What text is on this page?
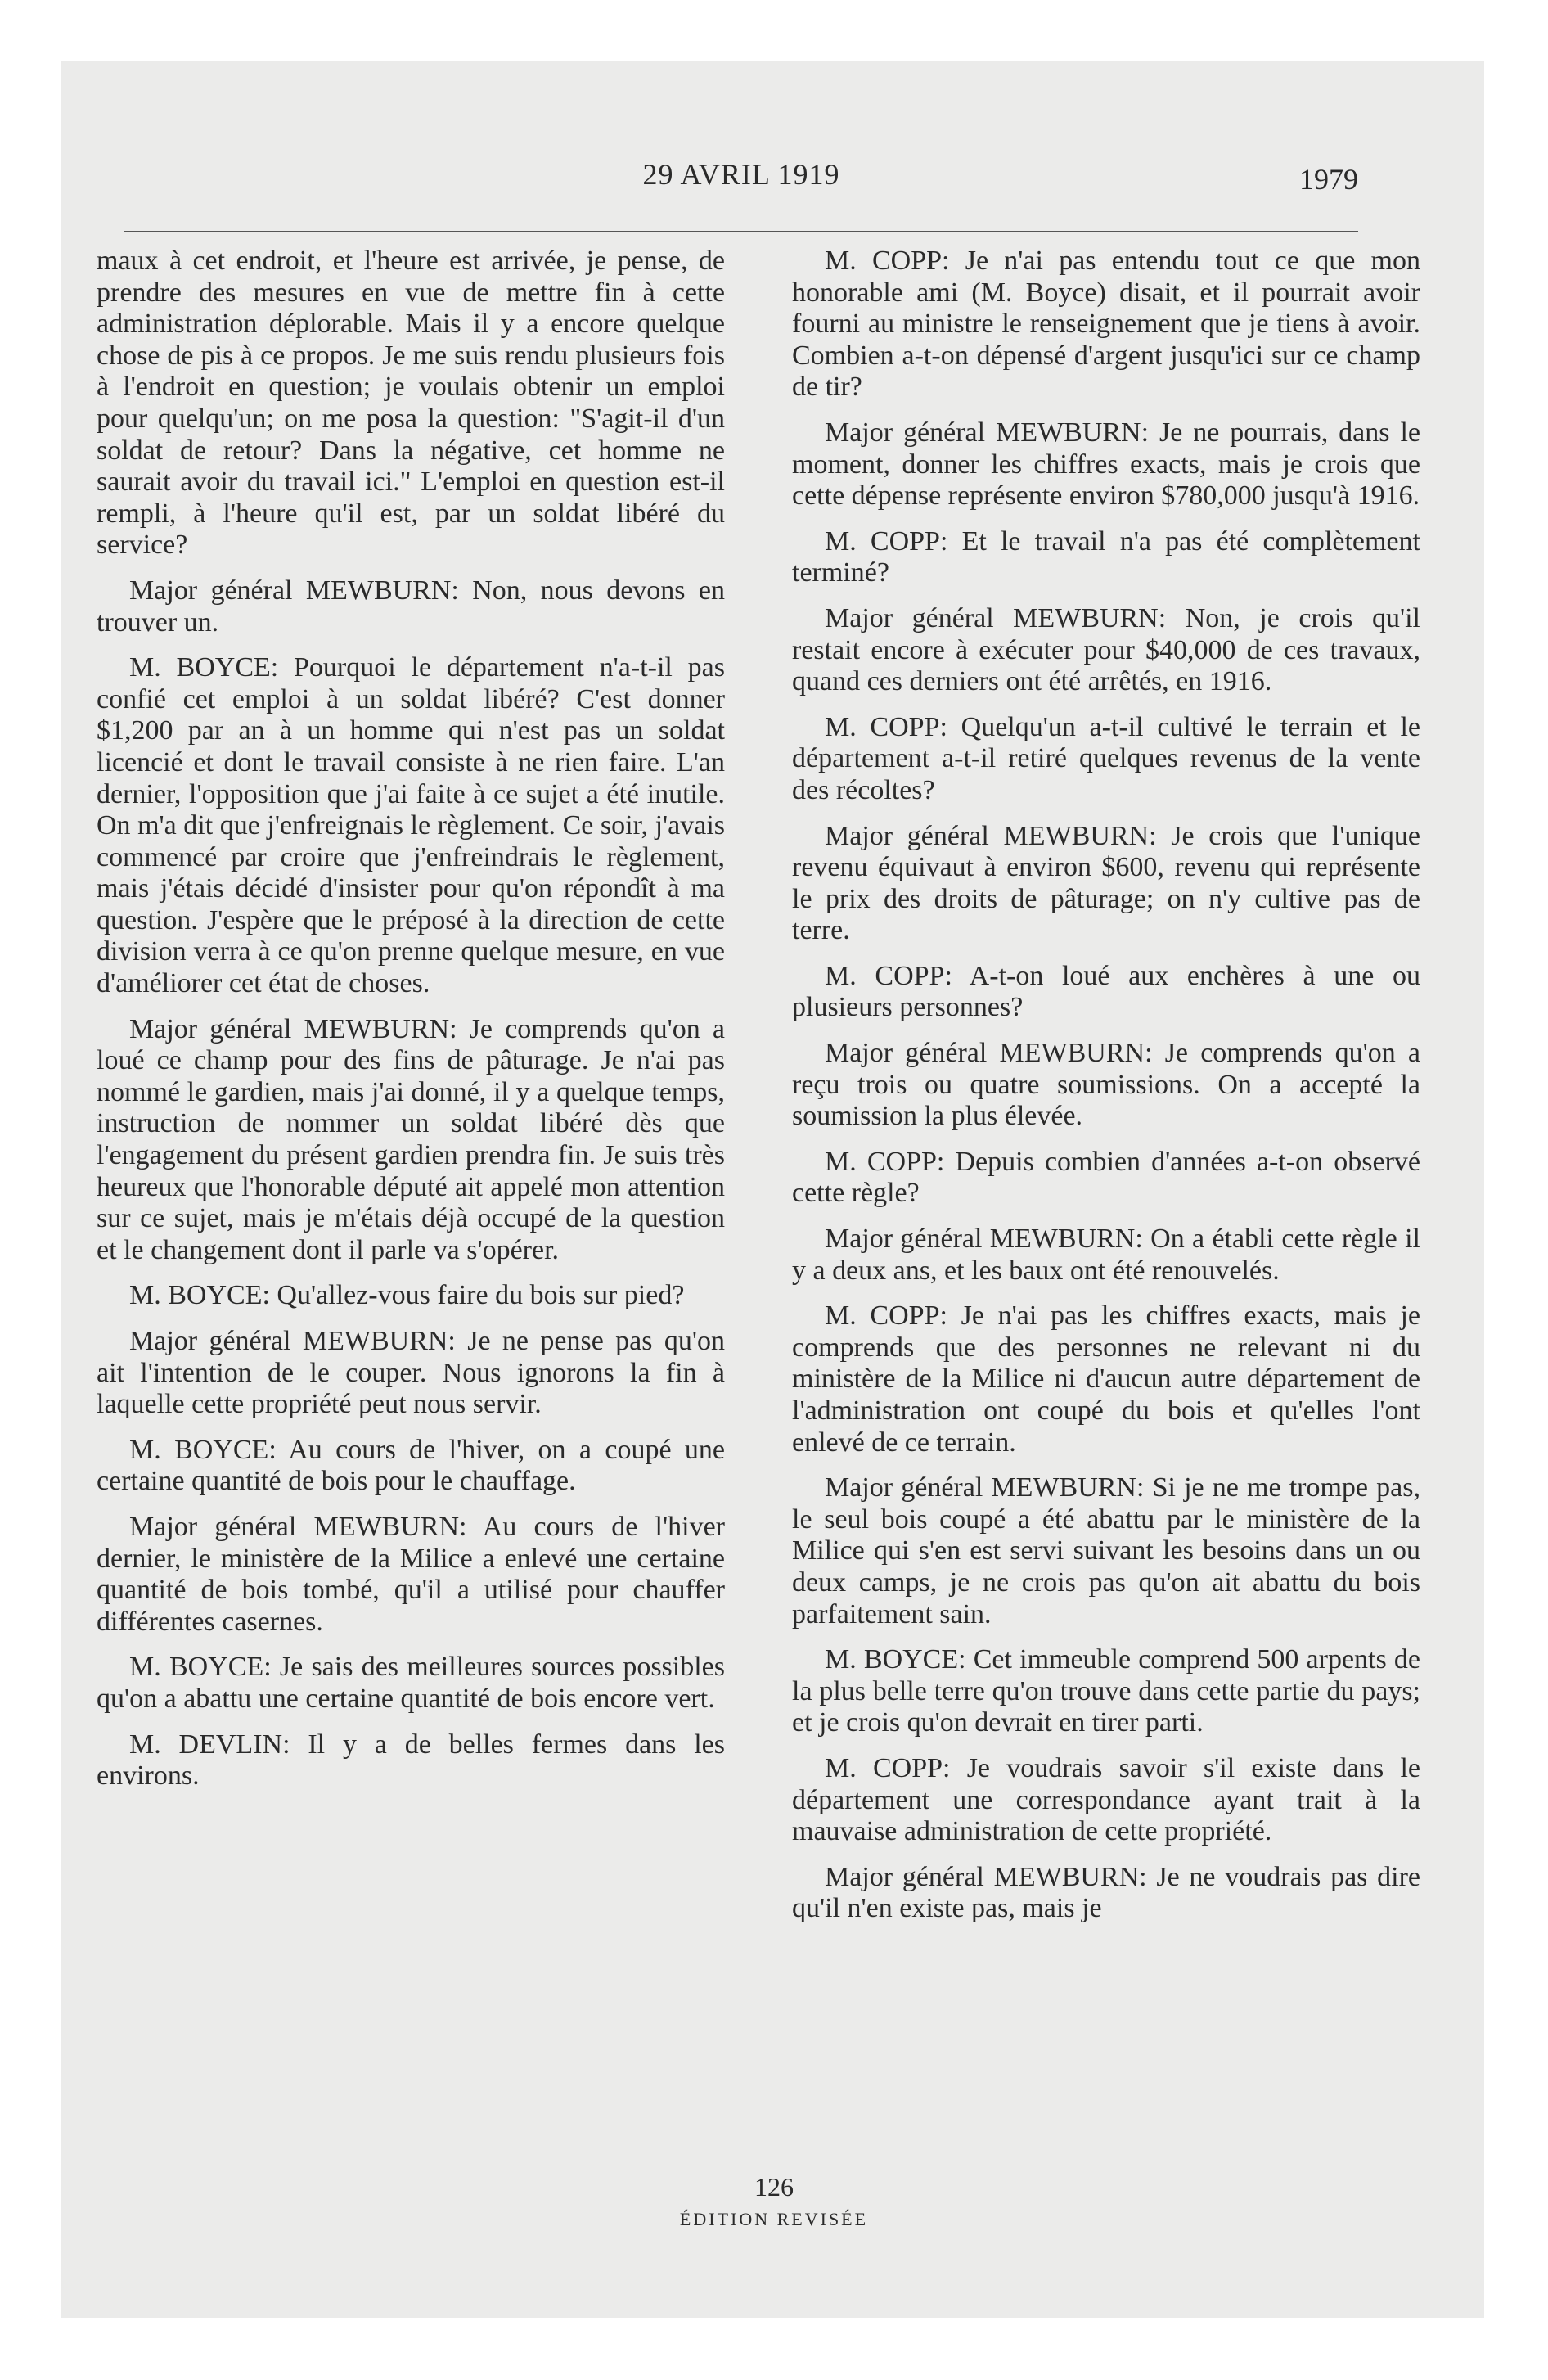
29 AVRIL 1919	1979

maux à cet endroit, et l'heure est arrivée, je pense, de prendre des mesures en vue de mettre fin à cette administration déplorable. Mais il y a encore quelque chose de pis à ce propos. Je me suis rendu plusieurs fois à l'endroit en question; je voulais obtenir un emploi pour quelqu'un; on me posa la question: "S'agit-il d'un soldat de retour? Dans la négative, cet homme ne saurait avoir du travail ici." L'emploi en question est-il rempli, à l'heure qu'il est, par un soldat libéré du service?

Major général MEWBURN: Non, nous devons en trouver un.

M. BOYCE: Pourquoi le département n'a-t-il pas confié cet emploi à un soldat libéré? C'est donner $1,200 par an à un homme qui n'est pas un soldat licencié et dont le travail consiste à ne rien faire. L'an dernier, l'opposition que j'ai faite à ce sujet a été inutile. On m'a dit que j'enfreignais le règlement. Ce soir, j'avais commencé par croire que j'enfreindrais le règlement, mais j'étais décidé d'insister pour qu'on répondît à ma question. J'espère que le préposé à la direction de cette division verra à ce qu'on prenne quelque mesure, en vue d'améliorer cet état de choses.

Major général MEWBURN: Je comprends qu'on a loué ce champ pour des fins de pâturage. Je n'ai pas nommé le gardien, mais j'ai donné, il y a quelque temps, instruction de nommer un soldat libéré dès que l'engagement du présent gardien prendra fin. Je suis très heureux que l'honorable député ait appelé mon attention sur ce sujet, mais je m'étais déjà occupé de la question et le changement dont il parle va s'opérer.

M. BOYCE: Qu'allez-vous faire du bois sur pied?

Major général MEWBURN: Je ne pense pas qu'on ait l'intention de le couper. Nous ignorons la fin à laquelle cette propriété peut nous servir.

M. BOYCE: Au cours de l'hiver, on a coupé une certaine quantité de bois pour le chauffage.

Major général MEWBURN: Au cours de l'hiver dernier, le ministère de la Milice a enlevé une certaine quantité de bois tombé, qu'il a utilisé pour chauffer différentes casernes.

M. BOYCE: Je sais des meilleures sources possibles qu'on a abattu une certaine quantité de bois encore vert.

M. DEVLIN: Il y a de belles fermes dans les environs.

M. COPP: Je n'ai pas entendu tout ce que mon honorable ami (M. Boyce) disait, et il pourrait avoir fourni au ministre le renseignement que je tiens à avoir. Combien a-t-on dépensé d'argent jusqu'ici sur ce champ de tir?

Major général MEWBURN: Je ne pourrais, dans le moment, donner les chiffres exacts, mais je crois que cette dépense représente environ $780,000 jusqu'à 1916.

M. COPP: Et le travail n'a pas été complètement terminé?

Major général MEWBURN: Non, je crois qu'il restait encore à exécuter pour $40,000 de ces travaux, quand ces derniers ont été arrêtés, en 1916.

M. COPP: Quelqu'un a-t-il cultivé le terrain et le département a-t-il retiré quelques revenus de la vente des récoltes?

Major général MEWBURN: Je crois que l'unique revenu équivaut à environ $600, revenu qui représente le prix des droits de pâturage; on n'y cultive pas de terre.

M. COPP: A-t-on loué aux enchères à une ou plusieurs personnes?

Major général MEWBURN: Je comprends qu'on a reçu trois ou quatre soumissions. On a accepté la soumission la plus élevée.

M. COPP: Depuis combien d'années a-t-on observé cette règle?

Major général MEWBURN: On a établi cette règle il y a deux ans, et les baux ont été renouvelés.

M. COPP: Je n'ai pas les chiffres exacts, mais je comprends que des personnes ne relevant ni du ministère de la Milice ni d'aucun autre département de l'administration ont coupé du bois et qu'elles l'ont enlevé de ce terrain.

Major général MEWBURN: Si je ne me trompe pas, le seul bois coupé a été abattu par le ministère de la Milice qui s'en est servi suivant les besoins dans un ou deux camps, je ne crois pas qu'on ait abattu du bois parfaitement sain.

M. BOYCE: Cet immeuble comprend 500 arpents de la plus belle terre qu'on trouve dans cette partie du pays; et je crois qu'on devrait en tirer parti.

M. COPP: Je voudrais savoir s'il existe dans le département une correspondance ayant trait à la mauvaise administration de cette propriété.

Major général MEWBURN: Je ne voudrais pas dire qu'il n'en existe pas, mais je

126
ÉDITION REVISÉE
